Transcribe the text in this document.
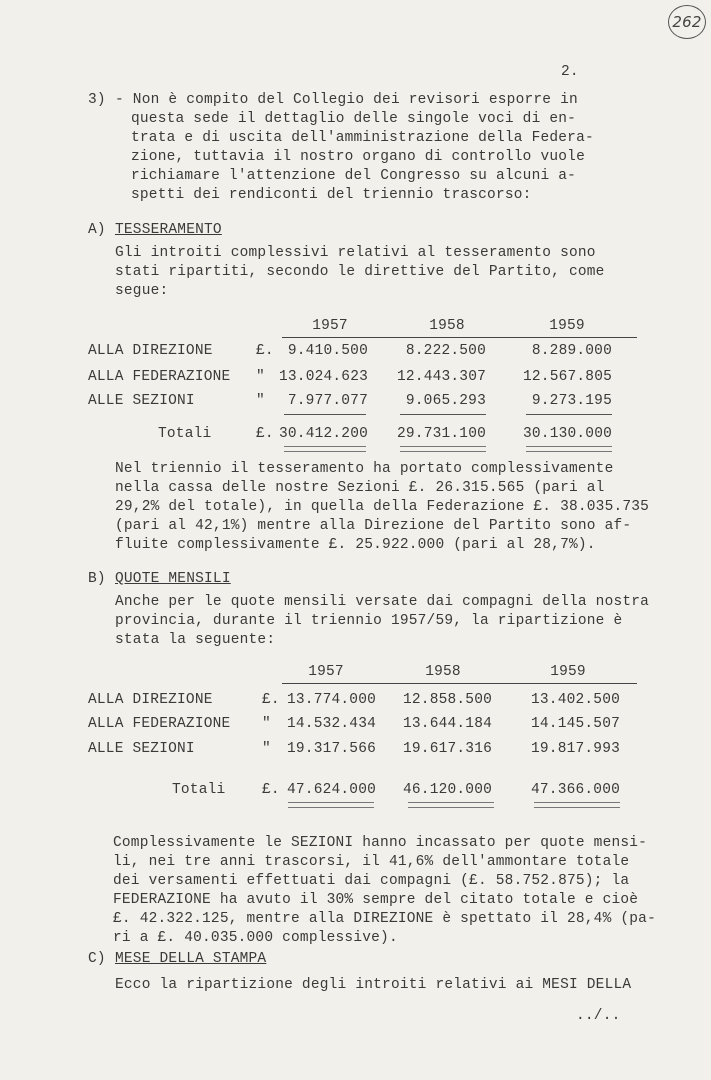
262
2.
3) - Non è compito del Collegio dei revisori esporre in
questa sede il dettaglio delle singole voci di en-
trata e di uscita dell'amministrazione della Federa-
zione, tuttavia il nostro organo di controllo vuole
richiamare l'attenzione del Congresso su alcuni a-
spetti dei rendiconti del triennio trascorso:
A) TESSERAMENTO
Gli introiti complessivi relativi al tesseramento sono
stati ripartiti, secondo le direttive del Partito, come
segue:
1957	1958	1959
ALLA DIREZIONE	£. 9.410.500	8.222.500	8.289.000
ALLA FEDERAZIONE " 13.024.623	12.443.307	12.567.805
ALLE SEZIONI	"	7.977.077	9.065.293	9.273.195
Totali	£. 30.412.200	29.731.100	30.130.000
Nel triennio il tesseramento ha portato complessivamente
nella cassa delle nostre Sezioni £. 26.315.565 (pari al
29,2% del totale), in quella della Federazione £. 38.035.735
(pari al 42,1%) mentre alla Direzione del Partito sono af-
fluite complessivamente £. 25.922.000 (pari al 28,7%).
B) QUOTE MENSILI
Anche per le quote mensili versate dai compagni della nostra
provincia, durante il triennio 1957/59, la ripartizione è
stata la seguente:
1957	1958	1959
ALLA DIREZIONE	£. 13.774.000	12.858.500	13.402.500
ALLA FEDERAZIONE "	14.532.434	13.644.184	14.145.507
ALLE SEZIONI	"	19.317.566	19.617.316	19.817.993
Totali	£. 47.624.000	46.120.000	47.366.000
Complessivamente le SEZIONI hanno incassato per quote mensi-
li, nei tre anni trascorsi, il 41,6% dell'ammontare totale
dei versamenti effettuati dai compagni (£. 58.752.875); la
FEDERAZIONE ha avuto il 30% sempre del citato totale e cioè
£. 42.322.125, mentre alla DIREZIONE è spettato il 28,4% (pa-
ri a £. 40.035.000 complessive).
C) MESE DELLA STAMPA
Ecco la ripartizione degli introiti relativi ai MESI DELLA
../..
